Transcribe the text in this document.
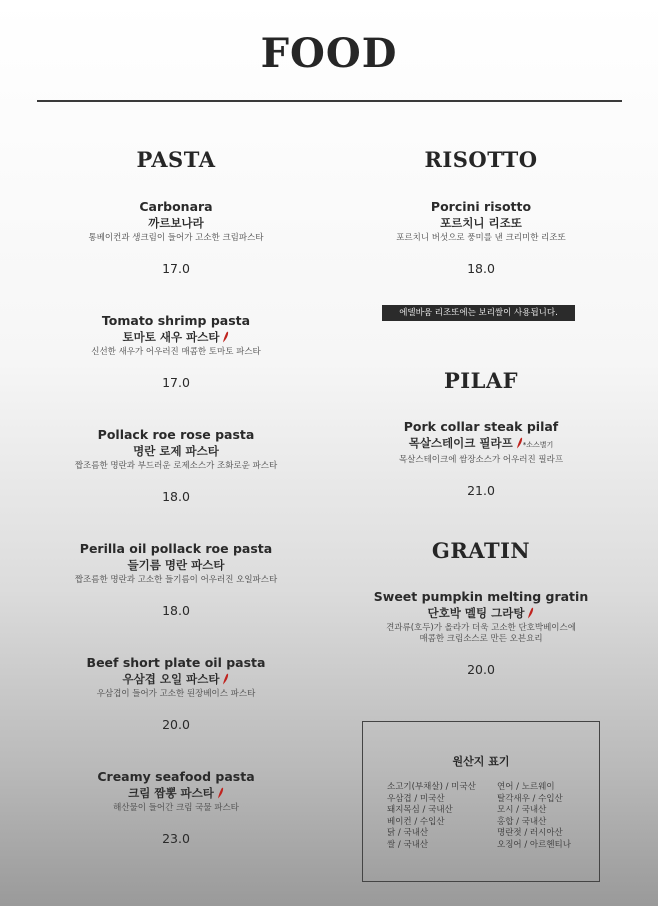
FOOD
PASTA
Carbonara
까르보나라
통베이컨과 생크림이 들어가 고소한 크림파스타
17.0
Tomato shrimp pasta
토마토 새우 파스타
신선한 새우가 어우러진 매콤한 토마토 파스타
17.0
Pollack roe rose pasta
명란 로제 파스타
짭조름한 명란과 부드러운 로제소스가 조화로운 파스타
18.0
Perilla oil pollack roe pasta
들기름 명란 파스타
짭조름한 명란과 고소한 들기름이 어우러진 오일파스타
18.0
Beef short plate oil pasta
우삼겹 오일 파스타
우삼겹이 들어가 고소한 된장베이스 파스타
20.0
Creamy seafood pasta
크림 짬뽕 파스타
해산물이 들어간 크림 국물 파스타
23.0
RISOTTO
Porcini risotto
포르치니 리조또
포르치니 버섯으로 풍미를 낸 크리미한 리조또
18.0
PILAF
Pork collar steak pilaf
목살스테이크 필라프 *소스별기
목살스테이크에 쌈장소스가 어우러진 필라프
21.0
GRATIN
Sweet pumpkin melting gratin
단호박 멜팅 그라탕
견과류(호두)가 올라가 더욱 고소한 단호박베이스에
매콤한 크림소스로 만든 오븐요리
20.0
에델바움 리조또에는 보리쌀이 사용됩니다.
원산지 표기
소고기(부채살) / 미국산
우삼겹 / 미국산
돼지목심 / 국내산
베이컨 / 수입산
닭 / 국내산
쌀 / 국내산
연어 / 노르웨이
탈각새우 / 수입산
모시 / 국내산
홍합 / 국내산
명란젓 / 러시아산
오징어 / 아르헨티나
